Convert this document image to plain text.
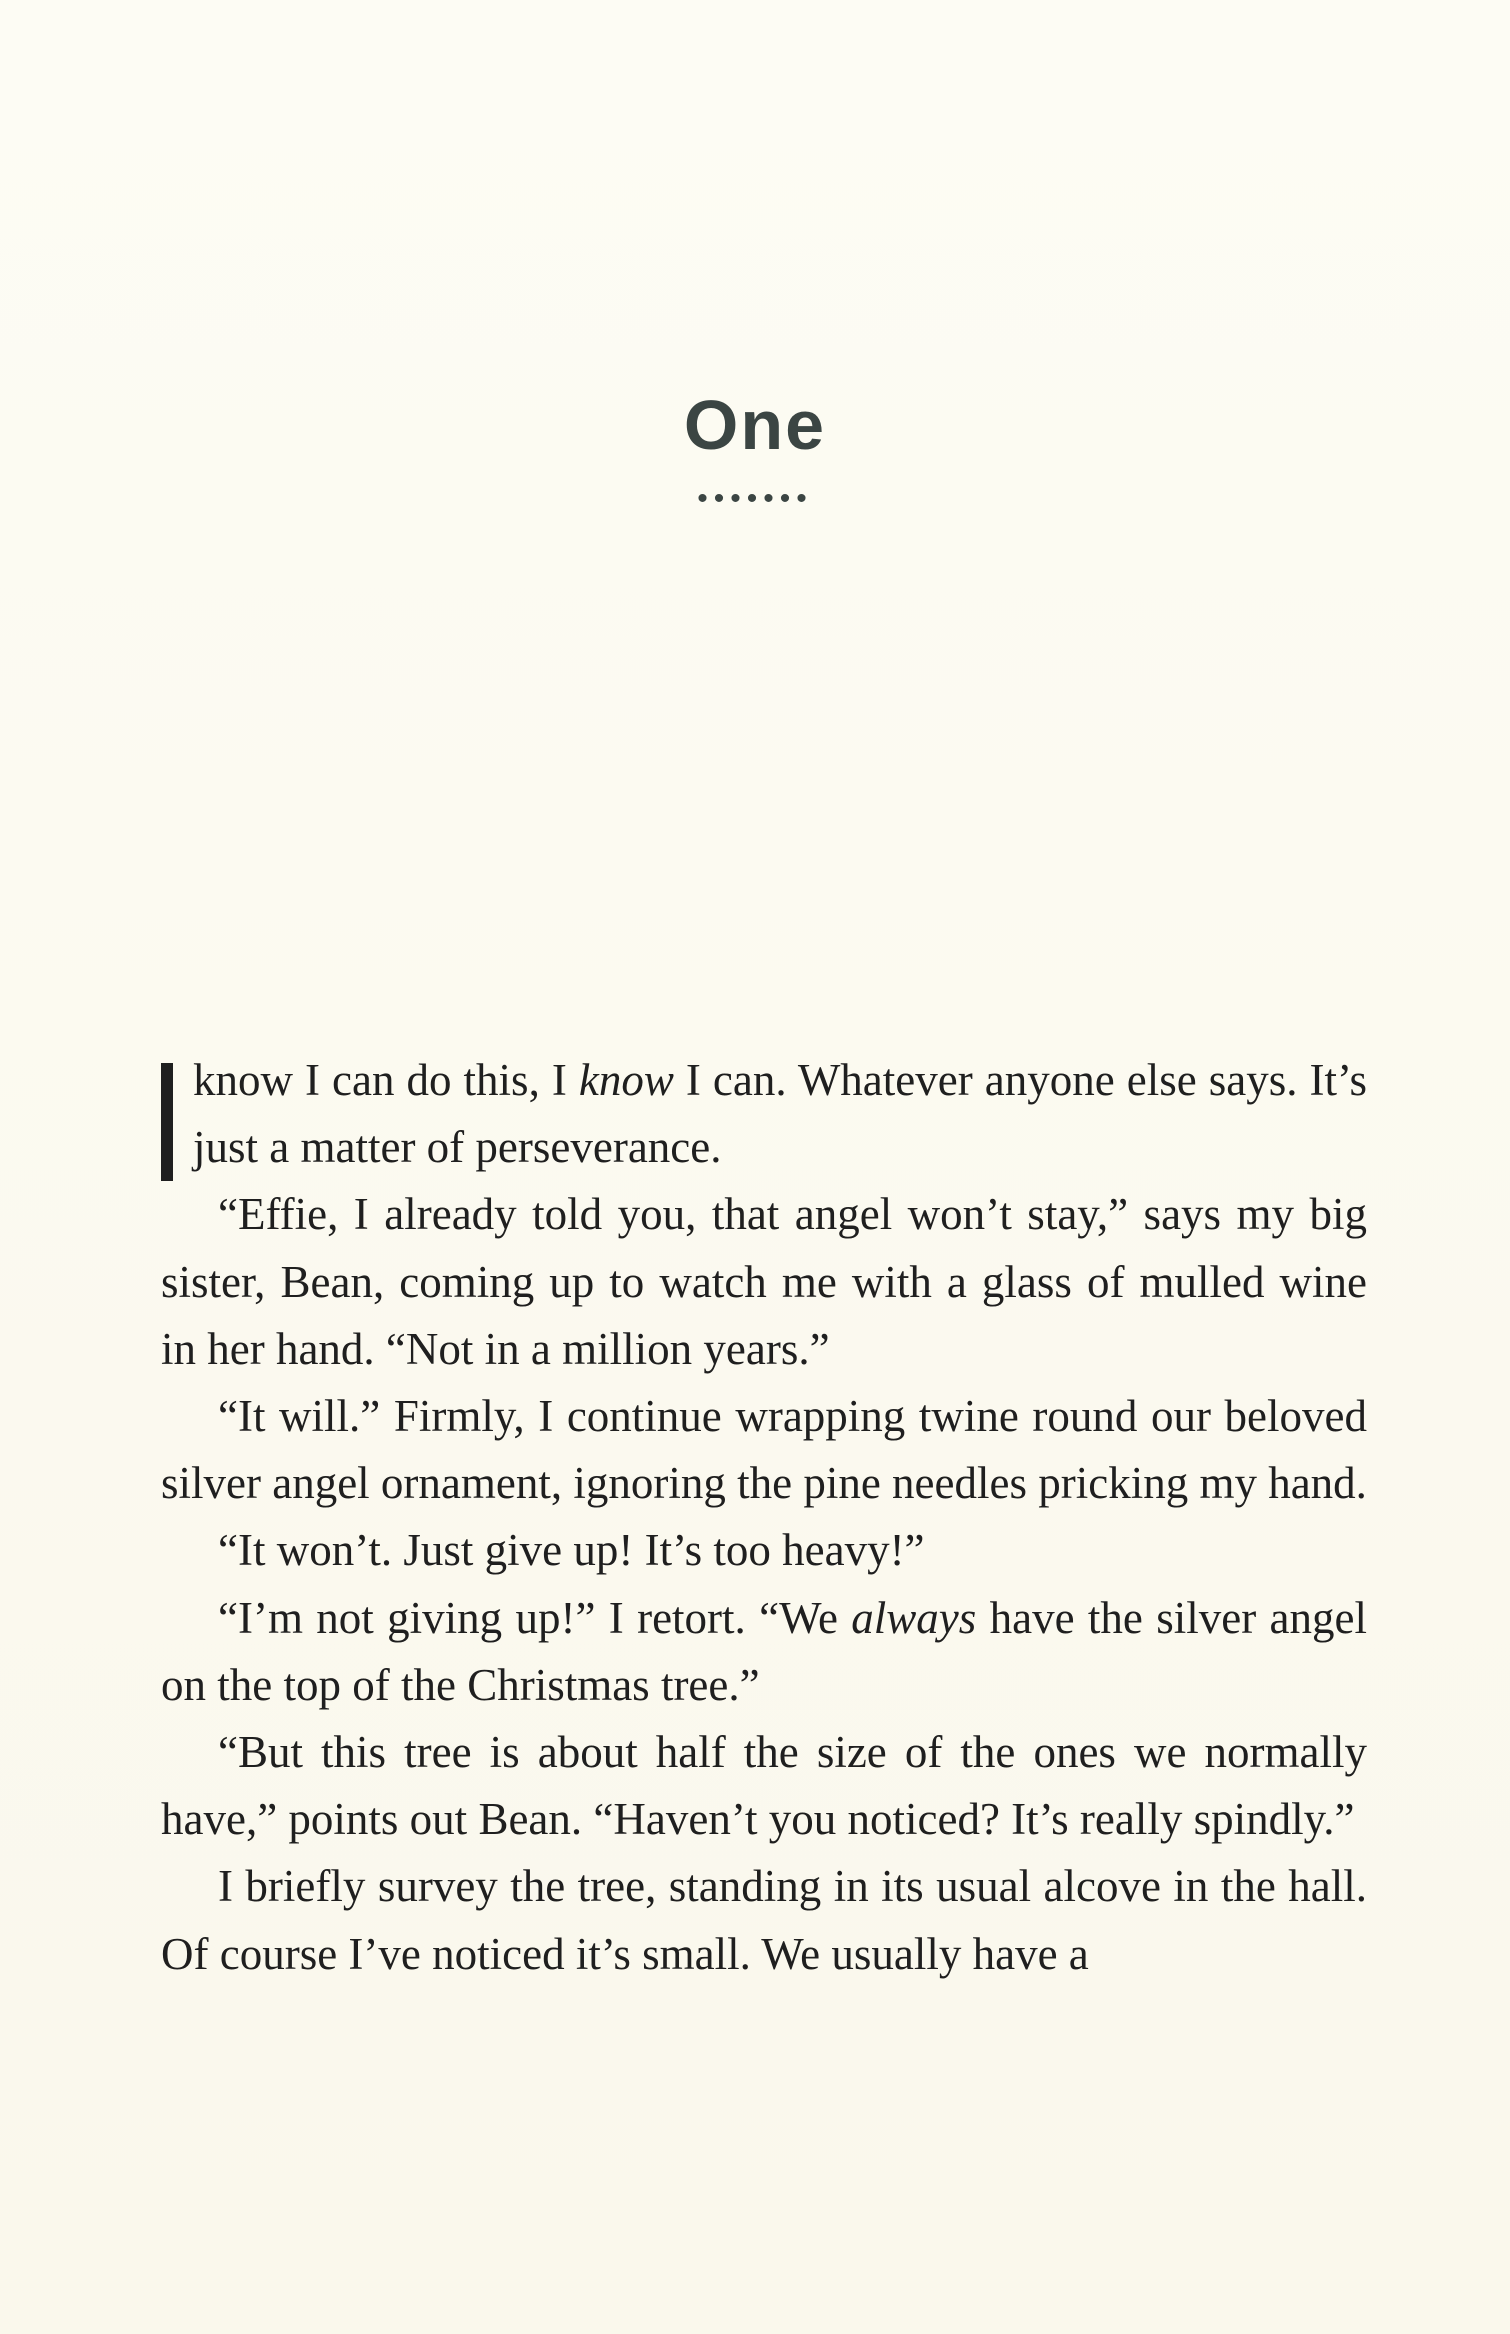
One
•••••••

know I can do this, I know I can. Whatever anyone else says. It’s just a matter of perseverance.

“Effie, I already told you, that angel won’t stay,” says my big sister, Bean, coming up to watch me with a glass of mulled wine in her hand. “Not in a million years.”

“It will.” Firmly, I continue wrapping twine round our beloved silver angel ornament, ignoring the pine needles pricking my hand.

“It won’t. Just give up! It’s too heavy!”

“I’m not giving up!” I retort. “We always have the silver angel on the top of the Christmas tree.”

“But this tree is about half the size of the ones we normally have,” points out Bean. “Haven’t you noticed? It’s really spindly.”

I briefly survey the tree, standing in its usual alcove in the hall. Of course I’ve noticed it’s small. We usually have a
